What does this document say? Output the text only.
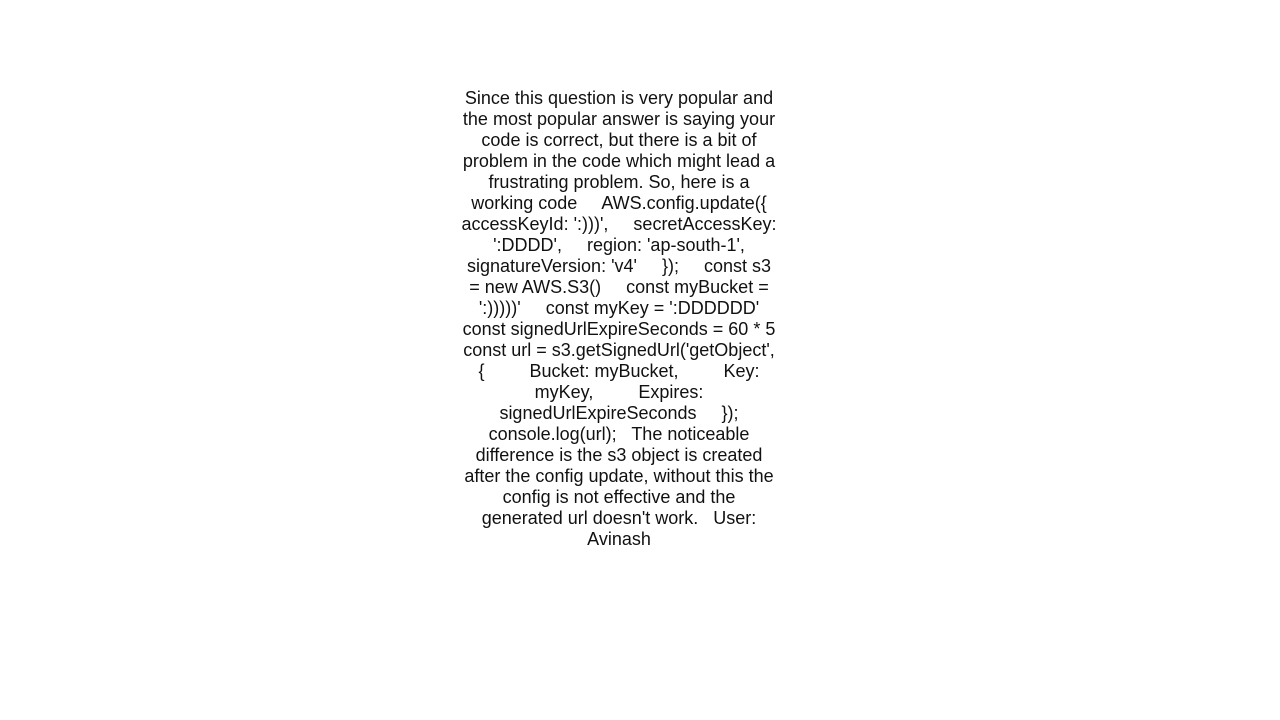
Since this question is very popular and the most popular answer is saying your code is correct, but there is a bit of problem in the code which might lead a frustrating problem. So, here is a working code     AWS.config.update({     accessKeyId: ':)))',     secretAccessKey: ':DDDD',     region: 'ap-south-1',     signatureVersion: 'v4'     });     const s3 = new AWS.S3()     const myBucket = ':)))))'     const myKey = ':DDDDDD'     const signedUrlExpireSeconds = 60 * 5     const url = s3.getSignedUrl('getObject', {         Bucket: myBucket,         Key: myKey,         Expires: signedUrlExpireSeconds     });     console.log(url);   The noticeable difference is the s3 object is created after the config update, without this the config is not effective and the generated url doesn't work.   User: Avinash
